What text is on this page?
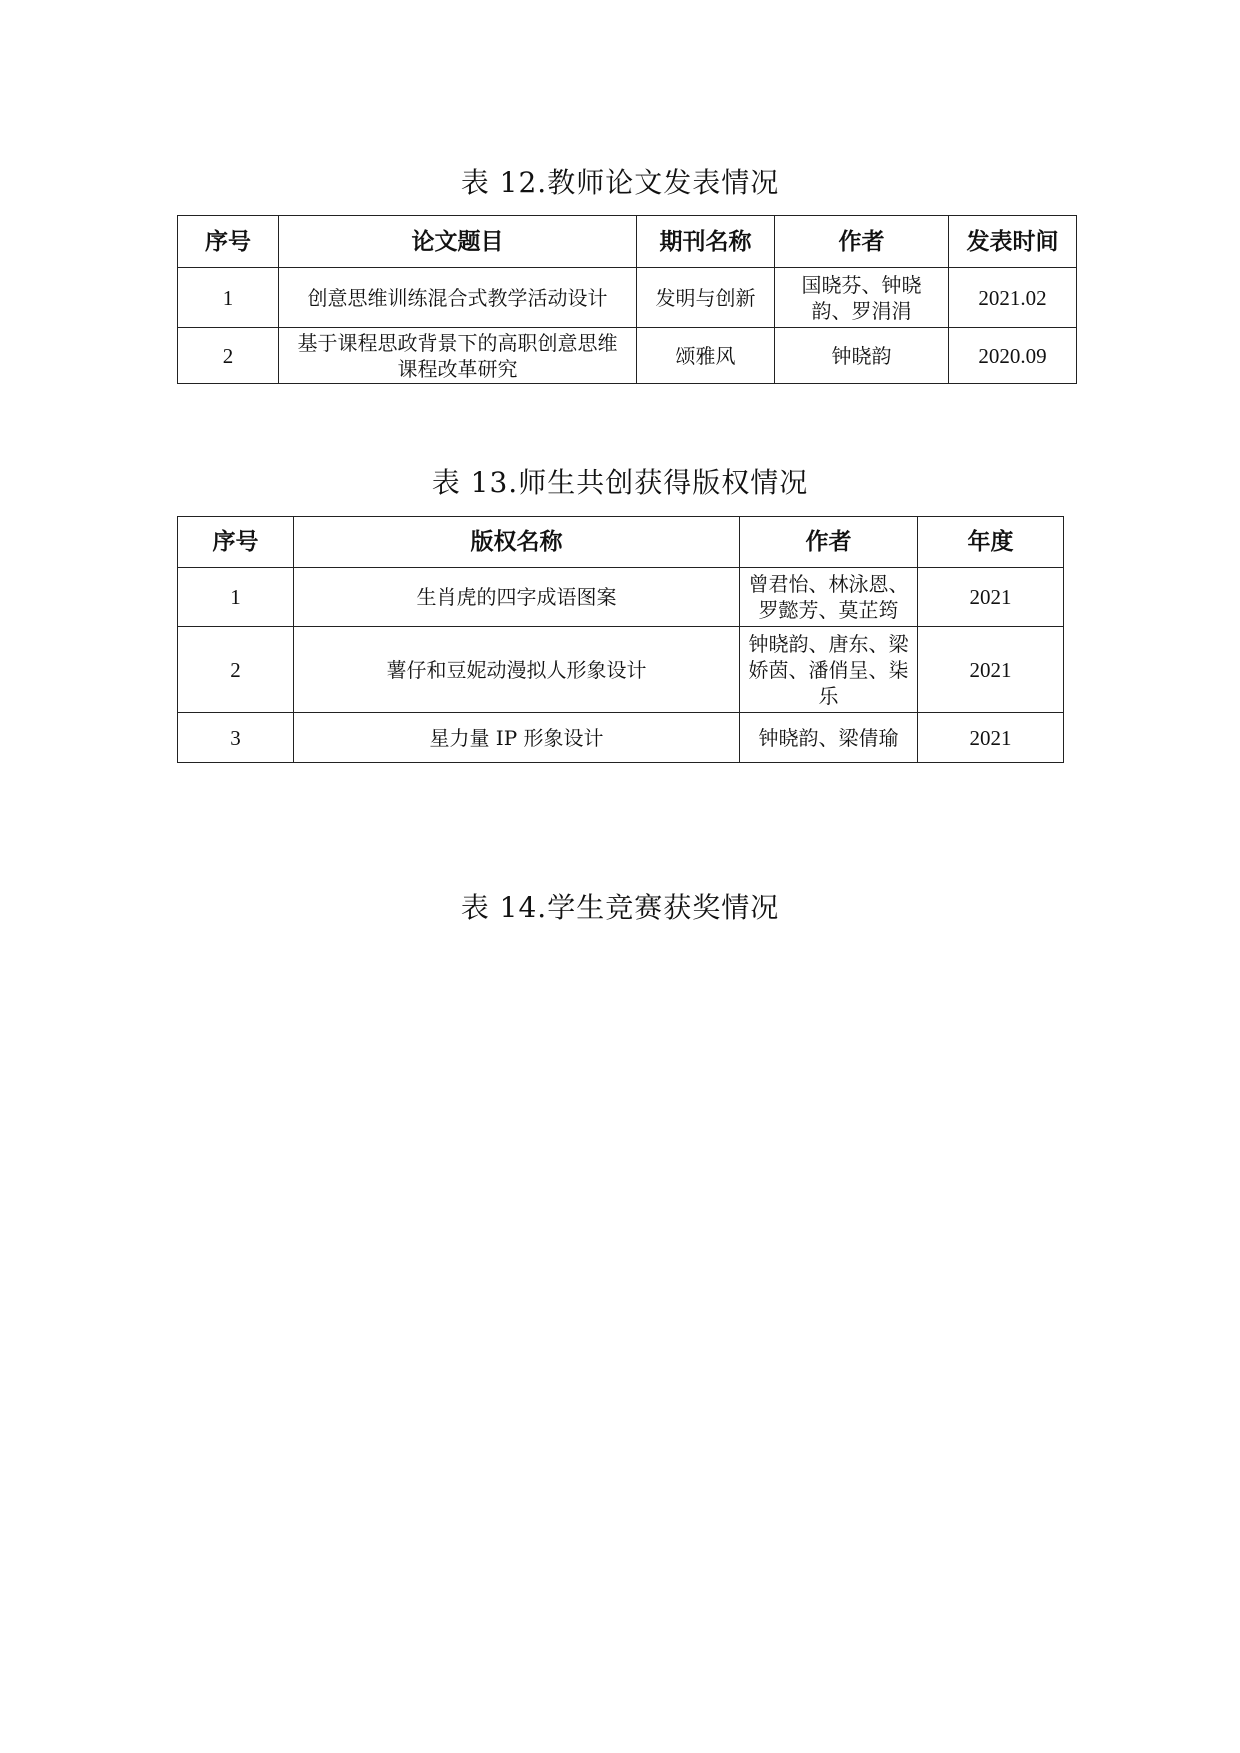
表 12.教师论文发表情况
序号	论文题目	期刊名称	作者	发表时间
1	创意思维训练混合式教学活动设计	发明与创新	国晓芬、钟晓韵、罗涓涓	2021.02
2	基于课程思政背景下的高职创意思维课程改革研究	颂雅风	钟晓韵	2020.09
表 13.师生共创获得版权情况
序号	版权名称	作者	年度
1	生肖虎的四字成语图案	曾君怡、林泳恩、罗懿芳、莫芷筠	2021
2	薯仔和豆妮动漫拟人形象设计	钟晓韵、唐东、梁娇茵、潘俏呈、柒乐	2021
3	星力量 IP 形象设计	钟晓韵、梁倩瑜	2021
表 14.学生竞赛获奖情况
